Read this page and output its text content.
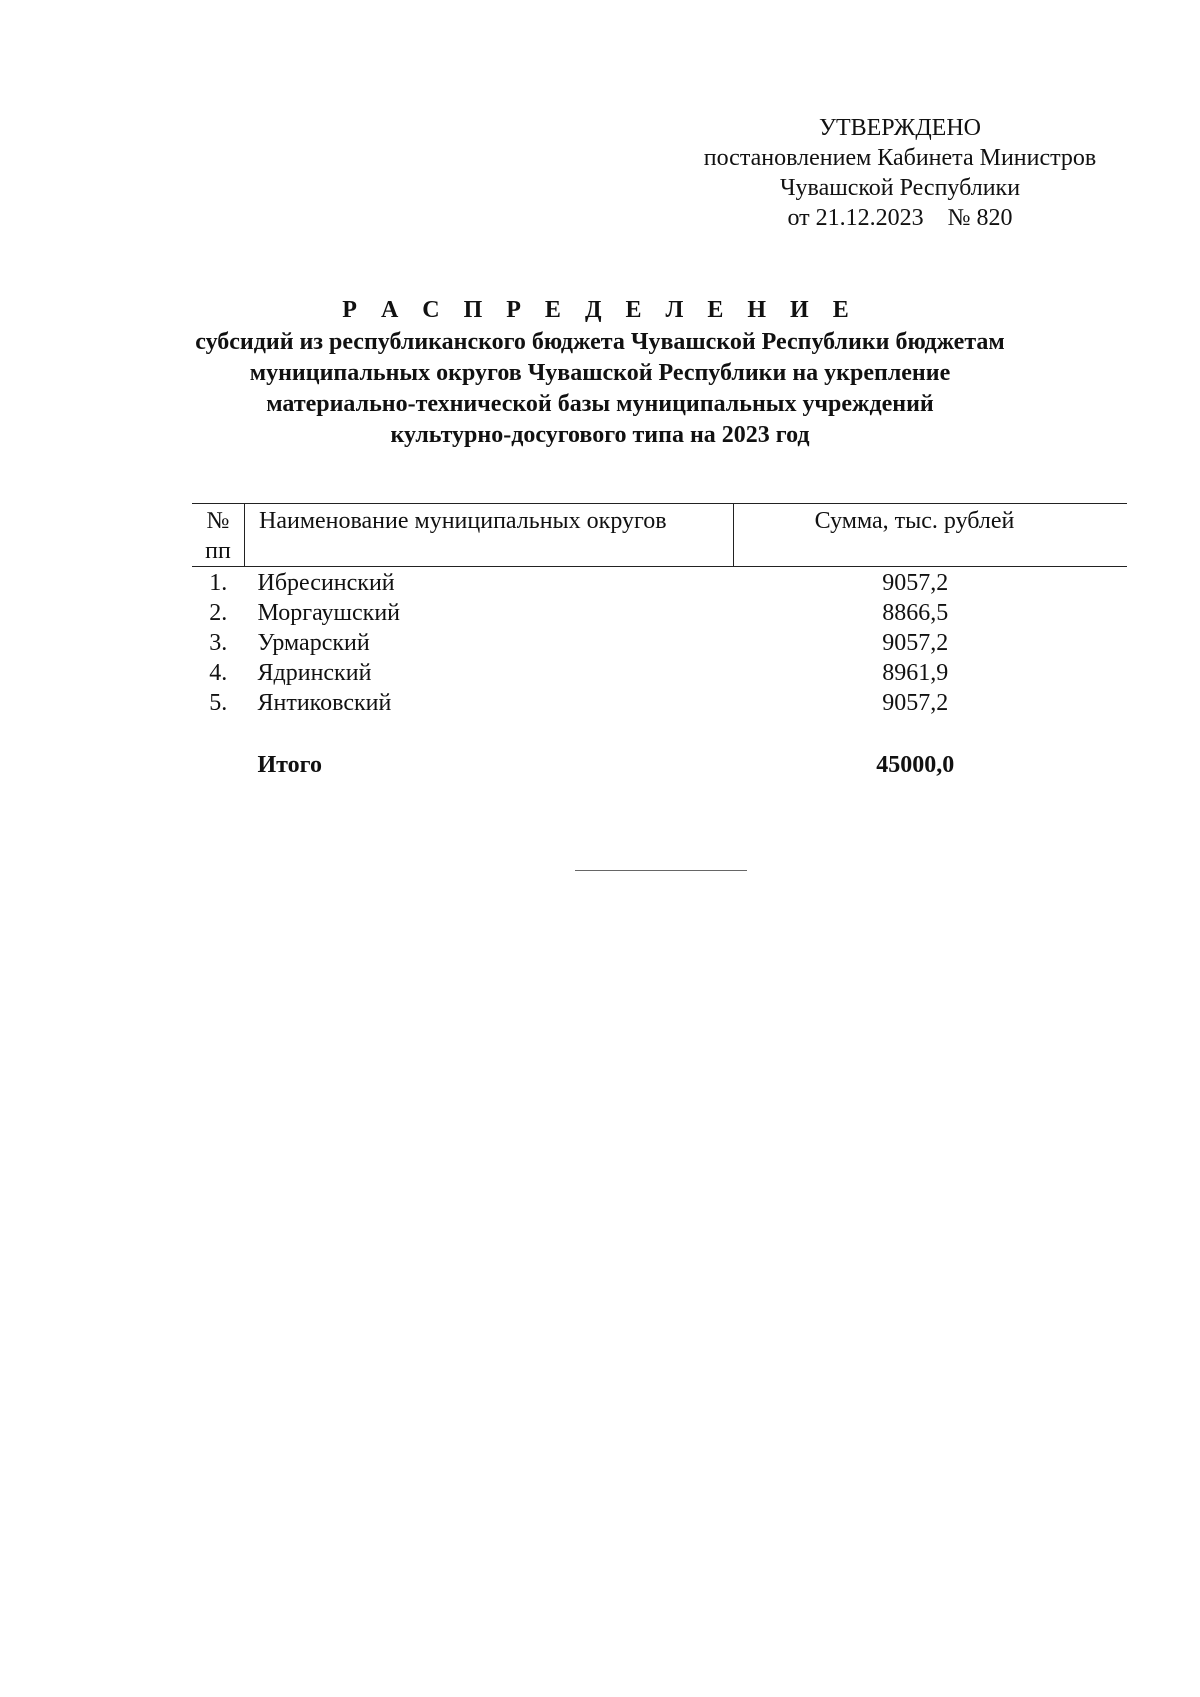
УТВЕРЖДЕНО
постановлением Кабинета Министров
Чувашской Республики
от 21.12.2023    № 820
Р А С П Р Е Д Е Л Е Н И Е
субсидий из республиканского бюджета Чувашской Республики бюджетам
муниципальных округов Чувашской Республики на укрепление
материально-технической базы муниципальных учреждений
культурно-досугового типа на 2023 год
№
пп	Наименование муниципальных округов	Сумма, тыс. рублей
1.	Ибресинский	9057,2
2.	Моргаушский	8866,5
3.	Урмарский	9057,2
4.	Ядринский	8961,9
5.	Янтиковский	9057,2

	Итого	45000,0
